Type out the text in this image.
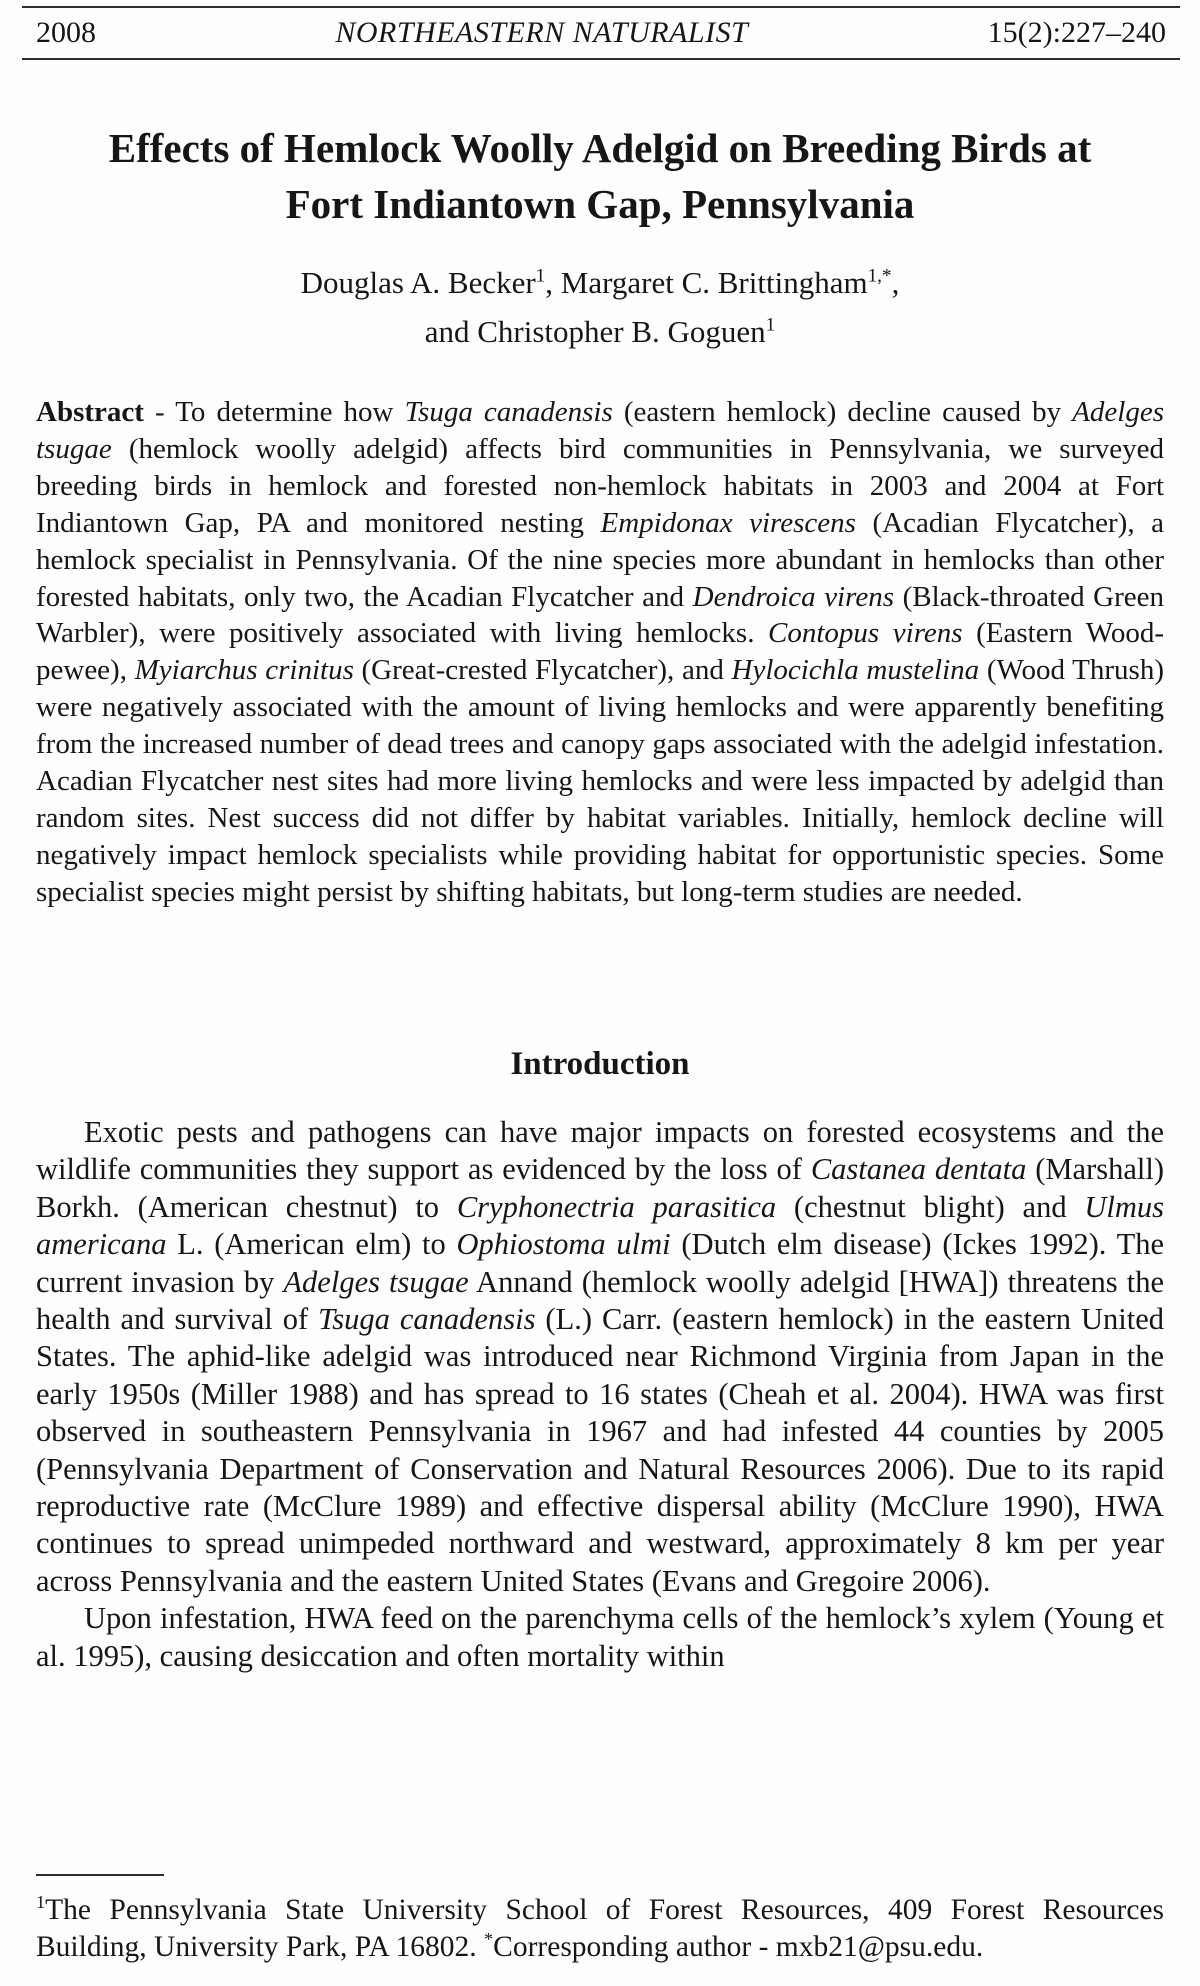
2008	NORTHEASTERN NATURALIST	15(2):227–240
Effects of Hemlock Woolly Adelgid on Breeding Birds at
Fort Indiantown Gap, Pennsylvania
Douglas A. Becker$^1$, Margaret C. Brittingham$^{1,*}$,
and Christopher B. Goguen$^1$
Abstract - To determine how Tsuga canadensis (eastern hemlock) decline caused by Adelges tsugae (hemlock woolly adelgid) affects bird communities in Pennsylvania, we surveyed breeding birds in hemlock and forested non-hemlock habitats in 2003 and 2004 at Fort Indiantown Gap, PA and monitored nesting Empidonax virescens (Acadian Flycatcher), a hemlock specialist in Pennsylvania. Of the nine species more abundant in hemlocks than other forested habitats, only two, the Acadian Flycatcher and Dendroica virens (Black-throated Green Warbler), were positively associated with living hemlocks. Contopus virens (Eastern Wood-pewee), Myiarchus crinitus (Great-crested Flycatcher), and Hylocichla mustelina (Wood Thrush) were negatively associated with the amount of living hemlocks and were apparently benefiting from the increased number of dead trees and canopy gaps associated with the adelgid infestation. Acadian Flycatcher nest sites had more living hemlocks and were less impacted by adelgid than random sites. Nest success did not differ by habitat variables. Initially, hemlock decline will negatively impact hemlock specialists while providing habitat for opportunistic species. Some specialist species might persist by shifting habitats, but long-term studies are needed.
Introduction

Exotic pests and pathogens can have major impacts on forested ecosystems and the wildlife communities they support as evidenced by the loss of Castanea dentata (Marshall) Borkh. (American chestnut) to Cryphonectria parasitica (chestnut blight) and Ulmus americana L. (American elm) to Ophiostoma ulmi (Dutch elm disease) (Ickes 1992). The current invasion by Adelges tsugae Annand (hemlock woolly adelgid [HWA]) threatens the health and survival of Tsuga canadensis (L.) Carr. (eastern hemlock) in the eastern United States. The aphid-like adelgid was introduced near Richmond Virginia from Japan in the early 1950s (Miller 1988) and has spread to 16 states (Cheah et al. 2004). HWA was first observed in southeastern Pennsylvania in 1967 and had infested 44 counties by 2005 (Pennsylvania Department of Conservation and Natural Resources 2006). Due to its rapid reproductive rate (McClure 1989) and effective dispersal ability (McClure 1990), HWA continues to spread unimpeded northward and westward, approximately 8 km per year across Pennsylvania and the eastern United States (Evans and Gregoire 2006).

Upon infestation, HWA feed on the parenchyma cells of the hemlock’s xylem (Young et al. 1995), causing desiccation and often mortality within

$^1$The Pennsylvania State University School of Forest Resources, 409 Forest Resources Building, University Park, PA 16802. *Corresponding author - mxb21@psu.edu.
